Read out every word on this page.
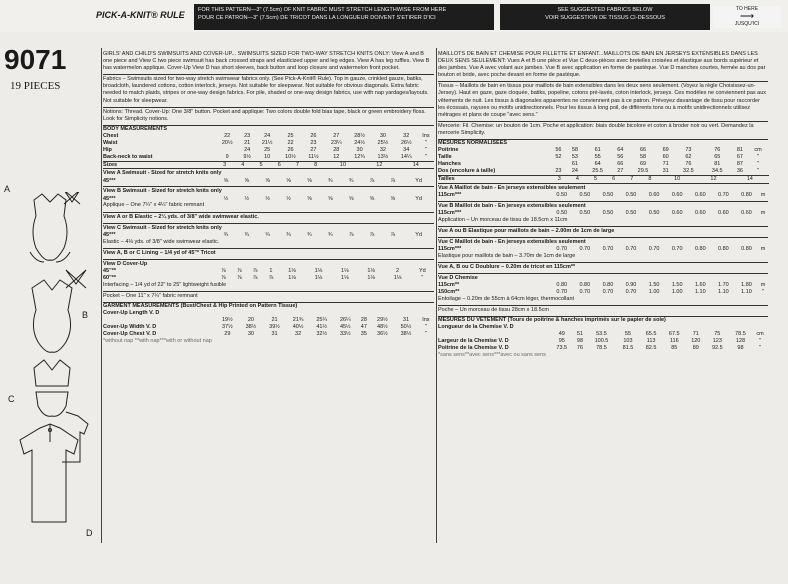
PICK-A-KNIT® RULE FOR THIS PATTERN—3" (7.5cm) OF KNIT FABRIC MUST STRETCH LENGTHWISE FROM HERE
POUR CE PATRON—3" (7.5cm) DE TRICOT DANS LA LONGUEUR DOIVENT S'ETIRER D'ICI
SEE SUGGESTED FABRICS BELOW
VOIR SUGGESTION DE TISSUS CI-DESSOUS
TO HERE
⟶
JUSQU'ICI
9071
19 PIECES
A
B
C
D
GIRLS' AND CHILD'S SWIMSUITS AND COVER-UP... SWIMSUITS SIZED FOR TWO-WAY STRETCH KNITS ONLY: View A and B one piece and View C two piece swimsuit has back crossed straps and elasticized upper and leg edges. View A has leg ruffles. View B has watermelon applique. Cover-Up View D has short sleeves, back button and loop closure and watermelon front pocket.
Fabrics – Swimsuits sized for two-way stretch swimwear fabrics only. (See Pick-A-Knit® Rule). Top in gauze, crinkled gauze, batiks, broadcloth, laundered cottons, cotton interlock, jerseys. Not suitable for sleepwear. Not suitable for obvious diagonals. Extra fabric needed to match plaids, stripes or one-way design fabrics. For pile, shaded or one-way design fabrics, use with nap yardages/layouts. Not suitable for sleepwear.
Notions: Thread. Cover-Up: One 3/8" button. Pocket and applique: Two colors double fold bias tape, black or green embroidery floss. Look for Simplicity notions.
BODY MEASUREMENTS
Chest	22	23	24	25	26	27	28½	30	32	Ins
Waist	20½	21	21½	22	23	23¼	24½	25½	26½	"
Hip		24	25	26	27	28	30	32	34	"
Back-neck to waist	9	9½	10	10½	11½	12	12¾	13½	14¼	"
Sizes	3	4	5	6	7	8	10	12	14	
View A Swimsuit - Sized for stretch knits only
45***	⅝	⅝	⅝	⅝	⅝	¾	¾	⅞	⅞	Yd
View B Swimsuit - Sized for stretch knits only
45***	½	½	½	½	⅝	⅝	⅝	⅝	⅝	Yd
Applique – One 7¼" x 4¼" fabric remnant
View A or B Elastic – 2¼ yds. of 3/8" wide swimwear elastic.
View C Swimsuit - Sized for stretch knits only
45***	¾	¾	¾	¾	¾	¾	⅞	⅞	⅞	Yd
Elastic – 4⅛ yds. of 3/8" wide swimwear elastic.
View A, B or C Lining – 1/4 yd of 45"* Tricot
View D Cover-Up
45"**	⅞	⅞	⅞	1	1⅛	1⅛	1⅛	1⅛	2	Yd
60"**	⅞	⅞	⅞	⅞	1⅛	1⅛	1⅛	1⅛	1⅛	"
Interfacing – 1/4 yd of 22" to 25" lightweight fusible
Pocket – One 11" x 7¼" fabric remnant
GARMENT MEASUREMENTS (Bust/Chest & Hip Printed on Pattern Tissue)
Cover-Up Length V. D
	19½	20	21	21¾	25¼	26¼	28	29½	31	Ins
Cover-Up Width V. D	37½	38½	39½	40½	41½	45½	47	48½	50½	"
Cover-Up Chest V. D	29	30	31	32	32½	33½	35	36½	38½	"
*without nap **with nap***with or without nap
MAILLOTS DE BAIN ET CHEMISE POUR FILLETTE ET ENFANT...MAILLOTS DE BAIN EN JERSEYS EXTENSIBLES DANS LES DEUX SENS SEULEMENT: Vues A et B une pièce et Vue C deux-pièces avec bretelles croisées et élastique aux bords supérieur et des jambes. Vue A avec volant aux jambes. Vue B avec application en forme de pastèque. Vue D manches courtes, fermée au dos par bouton et bride, avec poche devant en forme de pastèque.
Tissus – Maillots de bain en tissus pour maillots de bain extensibles dans les deux sens seulement. (Voyez la règle Choisissez-un-Jersey). Haut en gaze, gaze cloquée, batiks, popeline, cotons pré-lavés, coton interlock, jerseys. Ces modèles ne conviennent pas aux vêtements de nuit. Les tissus à diagonales apparentes ne conviennent pas à ce patron. Prévoyez davantage de tissu pour raccorder les écossais, rayures ou motifs unidirectionnels. Pour les tissus à long poil, de différents tons ou à motifs unidirectionnels utilisez métrages et plans de coupe "avec sens."
Mercerie: Fil. Chemise: un bouton de 1cm. Poche et application: biais double bicolore et coton à broder noir ou vert. Demandez la mercerie Simplicity.
MESURES NORMALISEES
Poitrine	56	58	61	64	66	69	73	76	81	cm
Taille	52	53	55	56	58	60	62	65	67	"
Hanches		61	64	66	69	71	76	81	87	"
Dos (encolure à taille)	23	24	25.5	27	29.5	31	32.5	34.5	36	"
Tailles	3	4	5	6	7	8	10	12	14	
Vue A Maillot de bain - En jerseys extensibles seulement
115cm***	0.50	0.50	0.50	0.50	0.60	0.60	0.60	0.70	0.80	m
Vue B Maillot de bain - En jerseys extensibles seulement
115cm***	0.50	0.50	0.50	0.50	0.50	0.60	0.60	0.60	0.60	m
Application – Un morceau de tissu de 18.5cm x 11cm
Vue A ou B Elastique pour maillots de bain – 2.00m de 1cm de large
Vue C Maillot de bain - En jerseys extensibles seulement
115cm***	0.70	0.70	0.70	0.70	0.70	0.70	0.80	0.80	0.80	m
Elastique pour maillots de bain – 3.70m de 1cm de large
Vue A, B ou C Doublure – 0.20m de tricot en 115cm**
Vue D Chemise
115cm**	0.80	0.80	0.80	0.90	1.50	1.50	1.60	1.70	1.80	m
150cm**	0.70	0.70	0.70	0.70	1.00	1.00	1.10	1.10	1.10	"
Entoilage – 0.20m de 55cm à 64cm léger, thermocollant
Poche – Un morceau de tissu 28cm x 18.5cm
MESURES DU VETEMENT (Tours de poitrine & hanches imprimés sur le papier de soie)
Longueur de la Chemise V. D
	49	51	53.5	55	65.5	67.5	71	75	78.5	cm
Largeur de la Chemise V. D	95	98	100.5	103	113	116	120	123	128	"
Poitrine de la Chemise V. D	73.5	76	78.5	81.5	82.5	85	89	92.5	98	"
*sans sens**avec sens***avec ou sans sens
